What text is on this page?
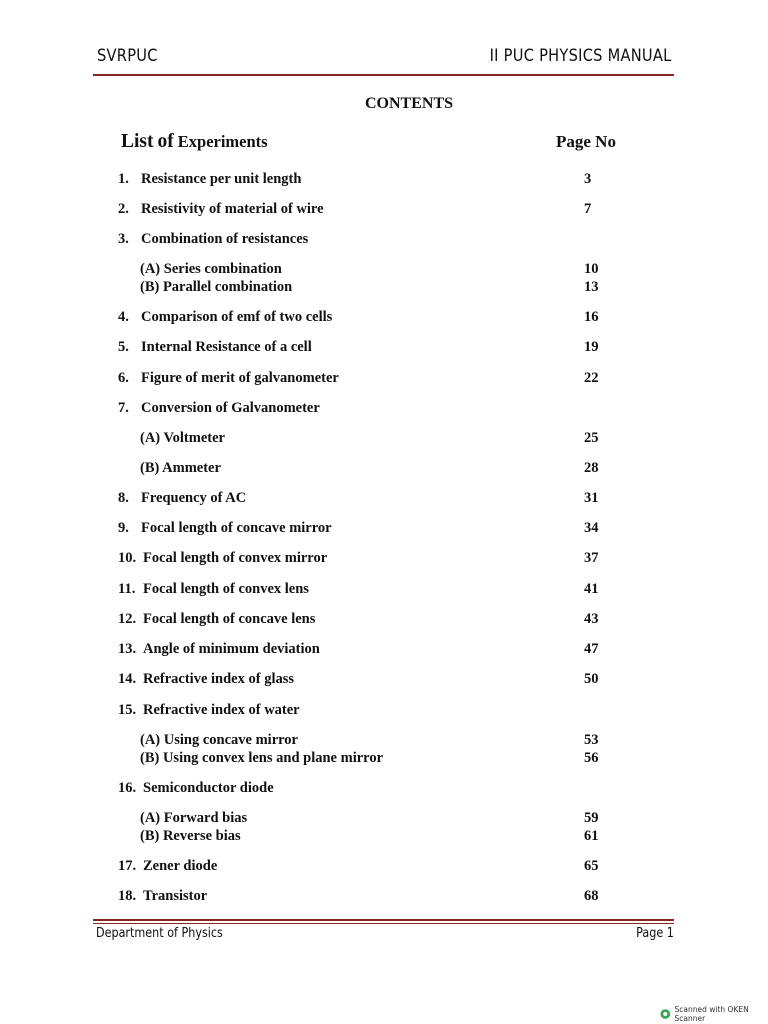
SVRPUC	II PUC PHYSICS MANUAL
CONTENTS
List of Experiments	Page No
1. Resistance per unit length	3
2. Resistivity of material of wire	7
3. Combination of resistances
(A) Series combination	10
(B) Parallel combination	13
4. Comparison of emf of two cells	16
5. Internal Resistance of a cell	19
6. Figure of merit of galvanometer	22
7. Conversion of Galvanometer
(A) Voltmeter	25
(B) Ammeter	28
8. Frequency of AC	31
9. Focal length of concave mirror	34
10. Focal length of convex mirror	37
11. Focal length of convex lens	41
12. Focal length of concave lens	43
13. Angle of minimum deviation	47
14. Refractive index of glass	50
15. Refractive index of water
(A) Using concave mirror	53
(B) Using convex lens and plane mirror	56
16. Semiconductor diode
(A) Forward bias	59
(B) Reverse bias	61
17. Zener diode	65
18. Transistor	68
Department of Physics	Page 1
Scanned with OKEN Scanner
